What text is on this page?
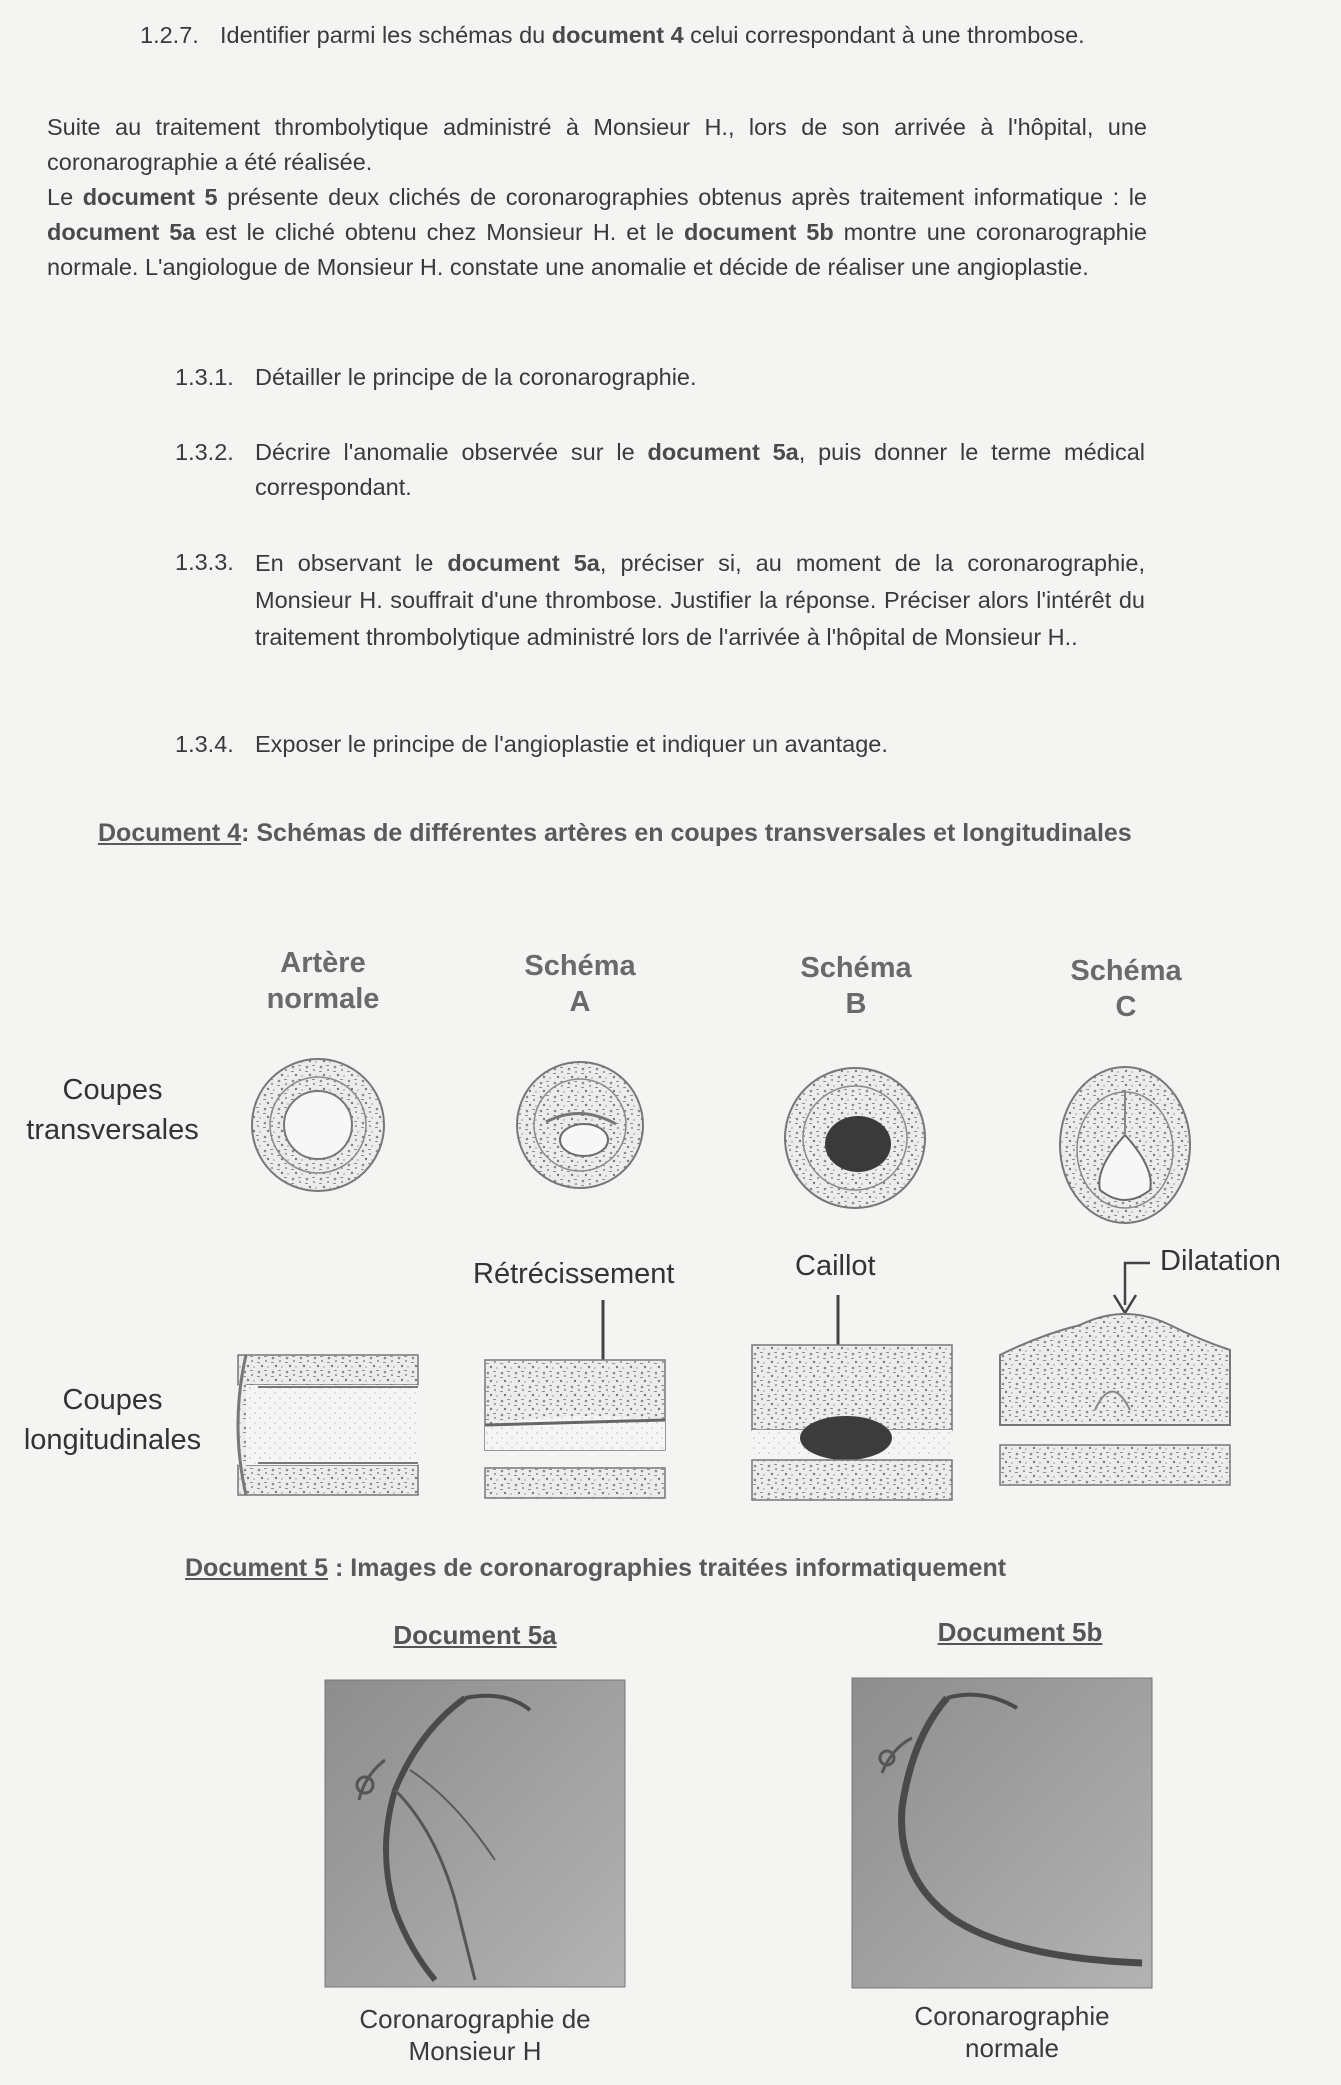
1.2.7. Identifier parmi les schémas du document 4 celui correspondant à une thrombose.
Suite au traitement thrombolytique administré à Monsieur H., lors de son arrivée à l'hôpital, une coronarographie a été réalisée.
Le document 5 présente deux clichés de coronarographies obtenus après traitement informatique : le document 5a est le cliché obtenu chez Monsieur H. et le document 5b montre une coronarographie normale. L'angiologue de Monsieur H. constate une anomalie et décide de réaliser une angioplastie.
1.3.1. Détailler le principe de la coronarographie.
1.3.2. Décrire l'anomalie observée sur le document 5a, puis donner le terme médical correspondant.
1.3.3. En observant le document 5a, préciser si, au moment de la coronarographie, Monsieur H. souffrait d'une thrombose. Justifier la réponse. Préciser alors l'intérêt du traitement thrombolytique administré lors de l'arrivée à l'hôpital de Monsieur H..
1.3.4. Exposer le principe de l'angioplastie et indiquer un avantage.
Document 4 : Schémas de différentes artères en coupes transversales et longitudinales
Artère
normale
Schéma
A
Schéma
B
Schéma
C
Coupes
transversales
Coupes
longitudinales
Rétrécissement	Caillot	Dilatation
Document 5 : Images de coronarographies traitées informatiquement
Document 5a	Document 5b
Coronarographie de
Monsieur H
Coronarographie
normale
